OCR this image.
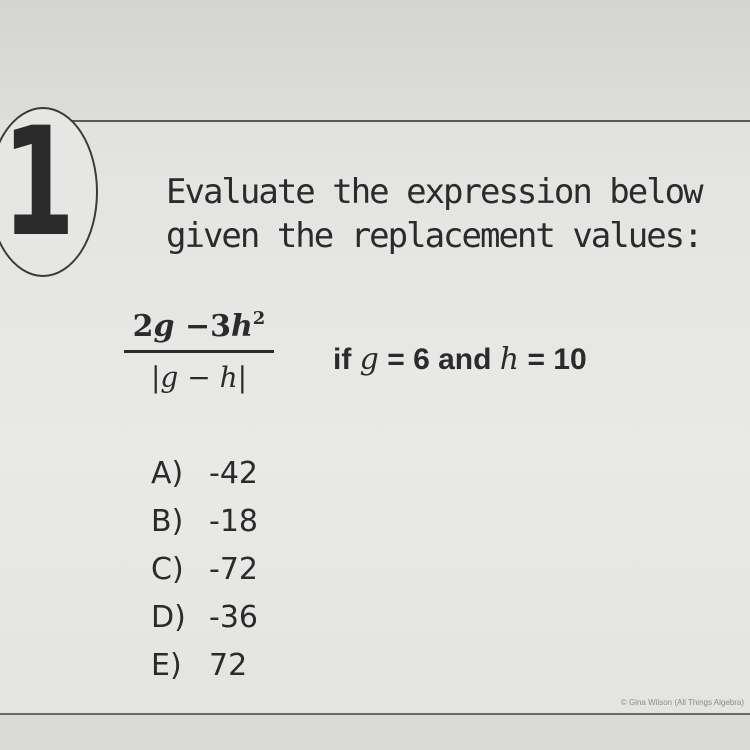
1	Evaluate the expression below
given the replacement values:
$2g -3h^2$
|g − h|
if g = 6 and h = 10
A) -42
B) -18
C) -72
D) -36
E) 72
© Gina Wilson (All Things Algebra)
